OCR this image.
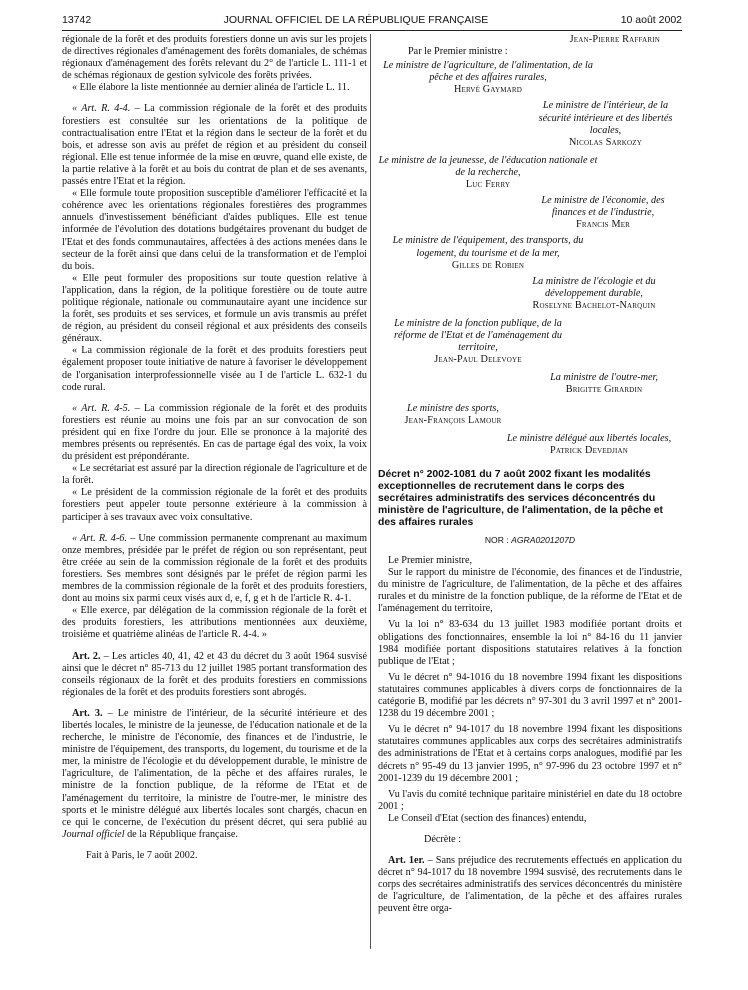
13742	JOURNAL OFFICIEL DE LA RÉPUBLIQUE FRANÇAISE	10 août 2002

régionale de la forêt et des produits forestiers donne un avis sur les projets de directives régionales d'aménagement des forêts domaniales, de schémas régionaux d'aménagement des forêts relevant du 2° de l'article L. 111-1 et de schémas régionaux de gestion sylvicole des forêts privées.

« Elle élabore la liste mentionnée au dernier alinéa de l'article L. 11.

« Art. R. 4-4. – La commission régionale de la forêt et des produits forestiers est consultée sur les orientations de la politique de contractualisation entre l'Etat et la région dans le secteur de la forêt et du bois, et adresse son avis au préfet de région et au président du conseil régional. Elle est tenue informée de la mise en œuvre, quand elle existe, de la partie relative à la forêt et au bois du contrat de plan et de ses avenants, passés entre l'Etat et la région.

« Elle formule toute proposition susceptible d'améliorer l'efficacité et la cohérence avec les orientations régionales forestières des programmes annuels d'investissement bénéficiant d'aides publiques. Elle est tenue informée de l'évolution des dotations budgétaires provenant du budget de l'Etat et des fonds communautaires, affectées à des actions menées dans le secteur de la forêt ainsi que dans celui de la transformation et de l'emploi du bois.

« Elle peut formuler des propositions sur toute question relative à l'application, dans la région, de la politique forestière ou de toute autre politique régionale, nationale ou communautaire ayant une incidence sur la forêt, ses produits et ses services, et formule un avis transmis au préfet de région, au président du conseil régional et aux présidents des conseils généraux.

« La commission régionale de la forêt et des produits forestiers peut également proposer toute initiative de nature à favoriser le développement de l'organisation interprofessionnelle visée au I de l'article L. 632-1 du code rural.

« Art. R. 4-5. – La commission régionale de la forêt et des produits forestiers est réunie au moins une fois par an sur convocation de son président qui en fixe l'ordre du jour. Elle se prononce à la majorité des membres présents ou représentés. En cas de partage égal des voix, la voix du président est prépondérante.

« Le secrétariat est assuré par la direction régionale de l'agriculture et de la forêt.

« Le président de la commission régionale de la forêt et des produits forestiers peut appeler toute personne extérieure à la commission à participer à ses travaux avec voix consultative.

« Art. R. 4-6. – Une commission permanente comprenant au maximum onze membres, présidée par le préfet de région ou son représentant, peut être créée au sein de la commission régionale de la forêt et des produits forestiers. Ses membres sont désignés par le préfet de région parmi les membres de la commission régionale de la forêt et des produits forestiers, dont au moins six parmi ceux visés aux d, e, f, g et h de l'article R. 4-1.

« Elle exerce, par délégation de la commission régionale de la forêt et des produits forestiers, les attributions mentionnées aux deuxième, troisième et quatrième alinéas de l'article R. 4-4. »

Art. 2. – Les articles 40, 41, 42 et 43 du décret du 3 août 1964 susvisé ainsi que le décret n° 85-713 du 12 juillet 1985 portant transformation des conseils régionaux de la forêt et des produits forestiers en commissions régionales de la forêt et des produits forestiers sont abrogés.

Art. 3. – Le ministre de l'intérieur, de la sécurité intérieure et des libertés locales, le ministre de la jeunesse, de l'éducation nationale et de la recherche, le ministre de l'économie, des finances et de l'industrie, le ministre de l'équipement, des transports, du logement, du tourisme et de la mer, la ministre de l'écologie et du développement durable, le ministre de l'agriculture, de l'alimentation, de la pêche et des affaires rurales, le ministre de la fonction publique, de la réforme de l'Etat et de l'aménagement du territoire, la ministre de l'outre-mer, le ministre des sports et le ministre délégué aux libertés locales sont chargés, chacun en ce qui le concerne, de l'exécution du présent décret, qui sera publié au Journal officiel de la République française.

Fait à Paris, le 7 août 2002.

Jean-Pierre Raffarin
Par le Premier ministre :
Le ministre de l'agriculture, de l'alimentation, de la pêche et des affaires rurales,
Hervé Gaymard
Le ministre de l'intérieur, de la sécurité intérieure et des libertés locales,
Nicolas Sarkozy
Le ministre de la jeunesse, de l'éducation nationale et de la recherche,
Luc Ferry
Le ministre de l'économie, des finances et de l'industrie,
Francis Mer
Le ministre de l'équipement, des transports, du logement, du tourisme et de la mer,
Gilles de Robien
La ministre de l'écologie et du développement durable,
Roselyne Bachelot-Narquin
Le ministre de la fonction publique, de la réforme de l'Etat et de l'aménagement du territoire,
Jean-Paul Delevoye
La ministre de l'outre-mer,
Brigitte Girardin
Le ministre des sports,
Jean-François Lamour
Le ministre délégué aux libertés locales,
Patrick Devedjian
Décret n° 2002-1081 du 7 août 2002 fixant les modalités exceptionnelles de recrutement dans le corps des secrétaires administratifs des services déconcentrés du ministère de l'agriculture, de l'alimentation, de la pêche et des affaires rurales
NOR : AGRA0201207D

Le Premier ministre,

Sur le rapport du ministre de l'économie, des finances et de l'industrie, du ministre de l'agriculture, de l'alimentation, de la pêche et des affaires rurales et du ministre de la fonction publique, de la réforme de l'Etat et de l'aménagement du territoire,

Vu la loi n° 83-634 du 13 juillet 1983 modifiée portant droits et obligations des fonctionnaires, ensemble la loi n° 84-16 du 11 janvier 1984 modifiée portant dispositions statutaires relatives à la fonction publique de l'Etat ;

Vu le décret n° 94-1016 du 18 novembre 1994 fixant les dispositions statutaires communes applicables à divers corps de fonctionnaires de la catégorie B, modifié par les décrets n° 97-301 du 3 avril 1997 et n° 2001-1238 du 19 décembre 2001 ;

Vu le décret n° 94-1017 du 18 novembre 1994 fixant les dispositions statutaires communes applicables aux corps des secrétaires administratifs des administrations de l'Etat et à certains corps analogues, modifié par les décrets n° 95-49 du 13 janvier 1995, n° 97-996 du 23 octobre 1997 et n° 2001-1239 du 19 décembre 2001 ;

Vu l'avis du comité technique paritaire ministériel en date du 18 octobre 2001 ;

Le Conseil d'Etat (section des finances) entendu,

Décrète :

Art. 1er. – Sans préjudice des recrutements effectués en application du décret n° 94-1017 du 18 novembre 1994 susvisé, des recrutements dans le corps des secrétaires administratifs des services déconcentrés du ministère de l'agriculture, de l'alimentation, de la pêche et des affaires rurales peuvent être orga-
